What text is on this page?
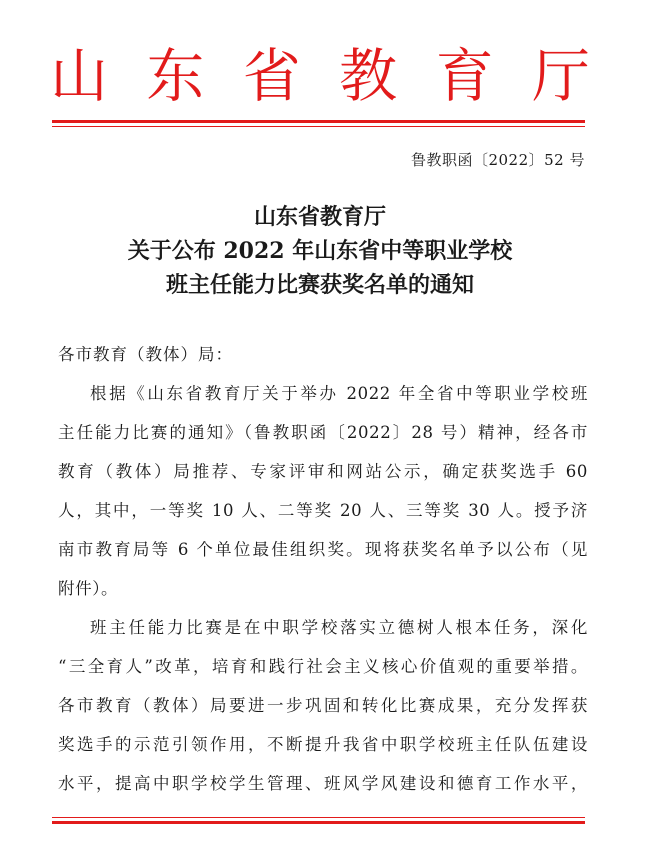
山 东 省 教 育 厅
鲁教职函〔2022〕52 号
山东省教育厅
关于公布 2022 年山东省中等职业学校
班主任能力比赛获奖名单的通知
各市教育（教体）局：
根据《山东省教育厅关于举办 2022 年全省中等职业学校班
主任能力比赛的通知》（鲁教职函〔2022〕28 号）精神，经各市
教育（教体）局推荐、专家评审和网站公示，确定获奖选手 60
人，其中，一等奖 10 人、二等奖 20 人、三等奖 30 人。授予济
南市教育局等 6 个单位最佳组织奖。现将获奖名单予以公布（见
附件）。
班主任能力比赛是在中职学校落实立德树人根本任务，深化
“三全育人”改革，培育和践行社会主义核心价值观的重要举措。
各市教育（教体）局要进一步巩固和转化比赛成果，充分发挥获
奖选手的示范引领作用，不断提升我省中职学校班主任队伍建设
水平，提高中职学校学生管理、班风学风建设和德育工作水平，
